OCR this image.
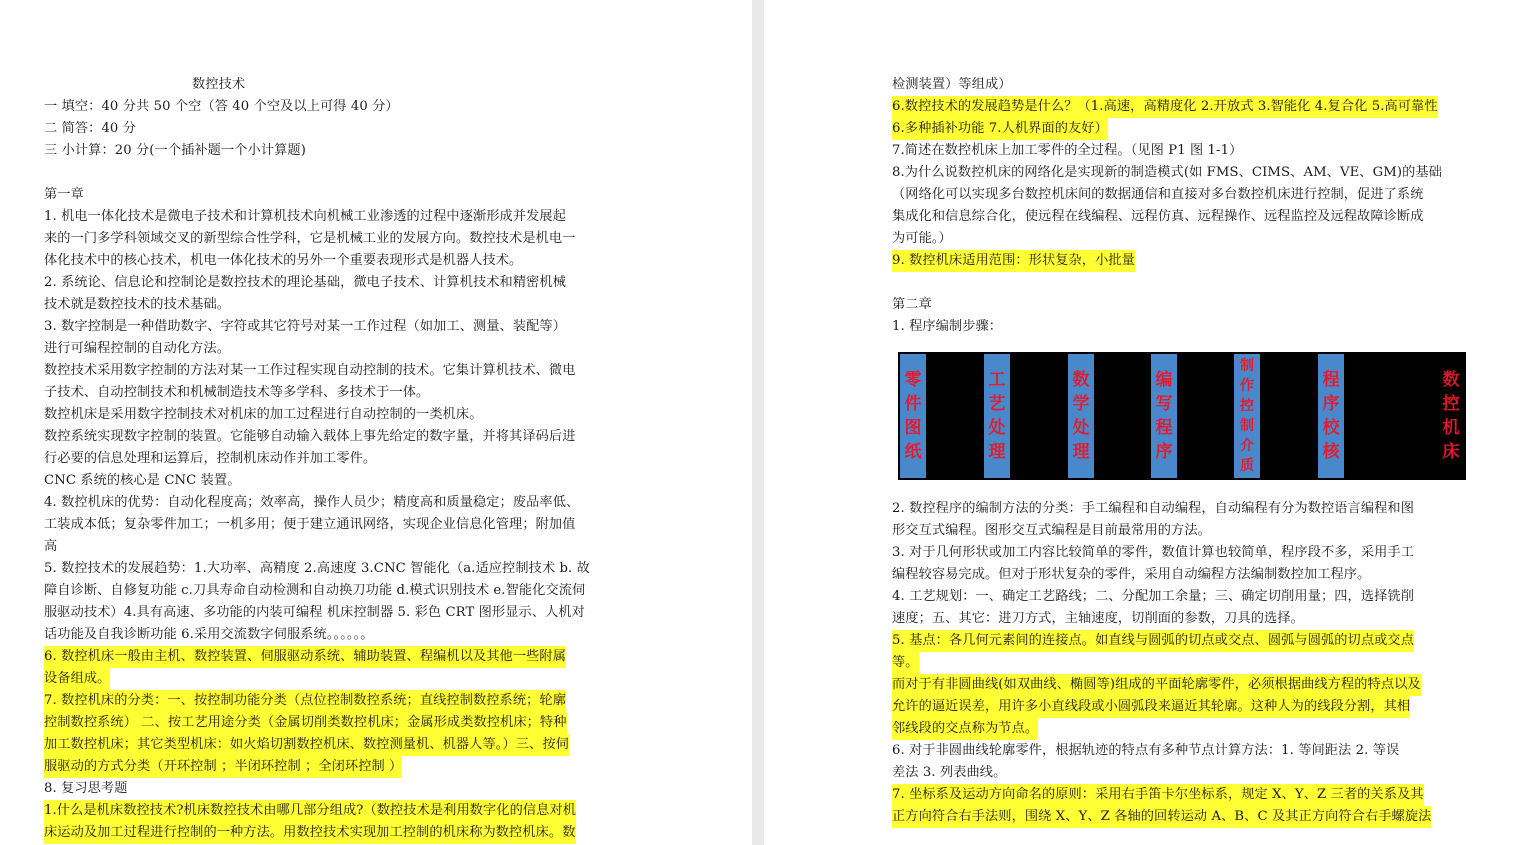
数控技术
一 填空：40 分共 50 个空（答 40 个空及以上可得 40 分）
二 简答：40 分
三 小计算：20 分(一个插补题一个小计算题)
第一章
1. 机电一体化技术是微电子技术和计算机技术向机械工业渗透的过程中逐渐形成并发展起
来的一门多学科领域交叉的新型综合性学科，它是机械工业的发展方向。数控技术是机电一
体化技术中的核心技术，机电一体化技术的另外一个重要表现形式是机器人技术。
2. 系统论、信息论和控制论是数控技术的理论基础，微电子技术、计算机技术和精密机械
技术就是数控技术的技术基础。
3. 数字控制是一种借助数字、字符或其它符号对某一工作过程（如加工、测量、装配等）
进行可编程控制的自动化方法。
数控技术采用数字控制的方法对某一工作过程实现自动控制的技术。它集计算机技术、微电
子技术、自动控制技术和机械制造技术等多学科、多技术于一体。
数控机床是采用数字控制技术对机床的加工过程进行自动控制的一类机床。
数控系统实现数字控制的装置。它能够自动输入载体上事先给定的数字量，并将其译码后进
行必要的信息处理和运算后，控制机床动作并加工零件。
CNC 系统的核心是 CNC 装置。
4. 数控机床的优势：自动化程度高；效率高，操作人员少；精度高和质量稳定；废品率低、
工装成本低；复杂零件加工；一机多用；便于建立通讯网络，实现企业信息化管理；附加值
高
5. 数控技术的发展趋势：1.大功率、高精度 2.高速度 3.CNC 智能化（a.适应控制技术 b. 故
障自诊断、自修复功能 c.刀具寿命自动检测和自动换刀功能 d.模式识别技术 e.智能化交流伺
服驱动技术）4.具有高速、多功能的内装可编程 机床控制器 5. 彩色 CRT 图形显示、人机对
话功能及自我诊断功能 6.采用交流数字伺服系统。。。。。。
6. 数控机床一般由主机、数控装置、伺服驱动系统、辅助装置、程编机以及其他一些附属
设备组成。
7. 数控机床的分类：一、按控制功能分类（点位控制数控系统；直线控制数控系统；轮廓
控制数控系统） 二、按工艺用途分类（金属切削类数控机床；金属形成类数控机床；特种
加工数控机床；其它类型机床：如火焰切割数控机床、数控测量机、机器人等。）三、按伺
服驱动的方式分类（开环控制 ；半闭环控制 ；全闭环控制 ）
8. 复习思考题
1.什么是机床数控技术?机床数控技术由哪几部分组成?（数控技术是利用数字化的信息对机
床运动及加工过程进行控制的一种方法。用数控技术实现加工控制的机床称为数控机床。数
检测装置）等组成）
6.数控技术的发展趋势是什么？（1.高速，高精度化 2.开放式 3.智能化 4.复合化 5.高可靠性
6.多种插补功能 7.人机界面的友好）
7.简述在数控机床上加工零件的全过程。（见图 P1 图 1-1）
8.为什么说数控机床的网络化是实现新的制造模式(如 FMS、CIMS、AM、VE、GM)的基础
（网络化可以实现多台数控机床间的数据通信和直接对多台数控机床进行控制，促进了系统
集成化和信息综合化，使远程在线编程、远程仿真、远程操作、远程监控及远程故障诊断成
为可能。）
9. 数控机床适用范围：形状复杂，小批量
第二章
1. 程序编制步骤：
零
件
图
纸
工
艺
处
理
数
学
处
理
编
写
程
序
制
作
控
制
介
质
程
序
校
核
数
控
机
床
2. 数控程序的编制方法的分类：手工编程和自动编程，自动编程有分为数控语言编程和图
形交互式编程。图形交互式编程是目前最常用的方法。
3. 对于几何形状或加工内容比较简单的零件，数值计算也较简单，程序段不多，采用手工
编程较容易完成。但对于形状复杂的零件，采用自动编程方法编制数控加工程序。
4. 工艺规划：一、确定工艺路线；二、分配加工余量；三、确定切削用量；四，选择铣削
速度；五、其它：进刀方式，主轴速度，切削面的参数，刀具的选择。
5. 基点：各几何元素间的连接点。如直线与圆弧的切点或交点、圆弧与圆弧的切点或交点
等。
而对于有非圆曲线(如双曲线、椭圆等)组成的平面轮廓零件，必须根据曲线方程的特点以及
允许的逼近误差，用许多小直线段或小圆弧段来逼近其轮廓。这种人为的线段分割，其相
邻线段的交点称为节点。
6. 对于非圆曲线轮廓零件，根据轨迹的特点有多种节点计算方法：1. 等间距法 2. 等误
差法 3. 列表曲线。
7. 坐标系及运动方向命名的原则：采用右手笛卡尔坐标系，规定 X、Y、Z 三者的关系及其
正方向符合右手法则，围绕 X、Y、Z 各轴的回转运动 A、B、C 及其正方向符合右手螺旋法
